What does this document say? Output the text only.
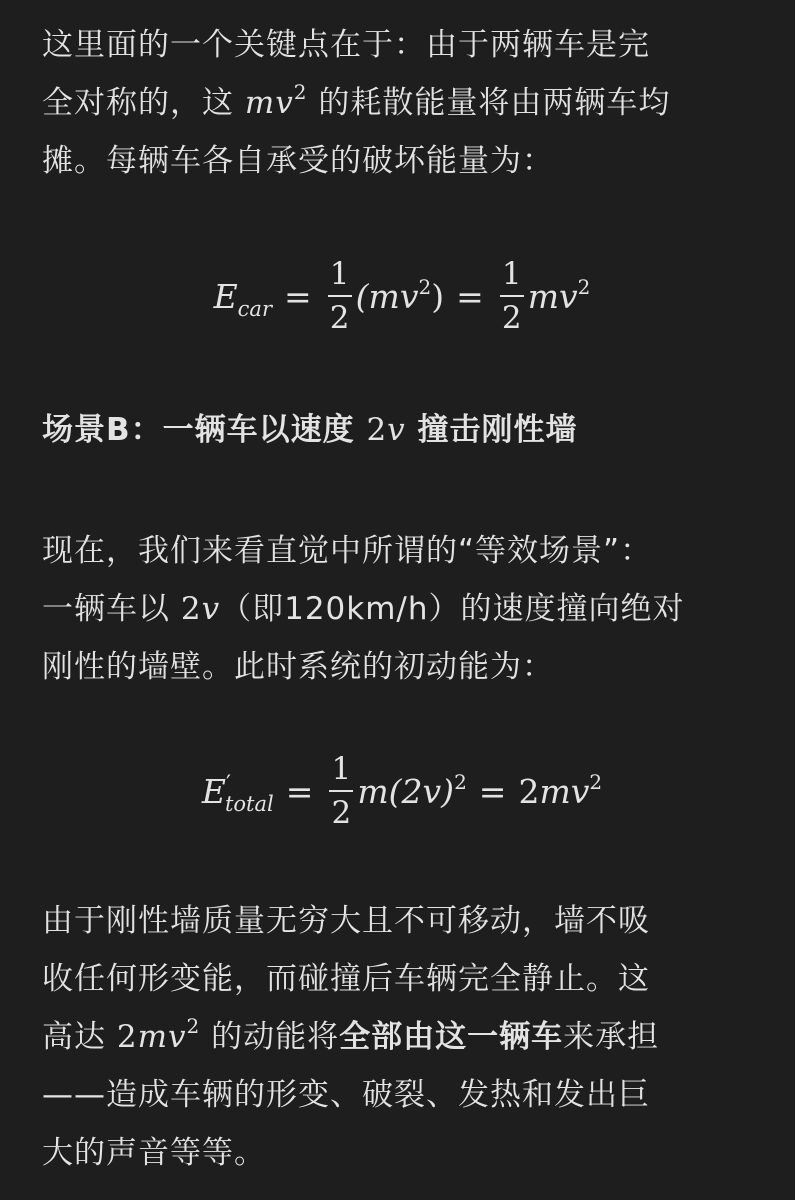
这里面的一个关键点在于：由于两辆车是完

全对称的，这 $mv^2$ 的耗散能量将由两辆车均

摊。每辆车各自承受的破坏能量为：

$E_{car} = \frac{1}{2} (mv^2) = \frac{1}{2} mv^2$

场景B：一辆车以速度 2v 撞击刚性墙

现在，我们来看直觉中所谓的“等效场景”：

一辆车以 2v（即120km/h）的速度撞向绝对

刚性的墙壁。此时系统的初动能为：

$E'_{total} = \frac{1}{2} m(2v)^2 = 2mv^2$

由于刚性墙质量无穷大且不可移动，墙不吸

收任何形变能，而碰撞后车辆完全静止。这

高达 $2mv^2$ 的动能将全部由这一辆车来承担

——造成车辆的形变、破裂、发热和发出巨

大的声音等等。
